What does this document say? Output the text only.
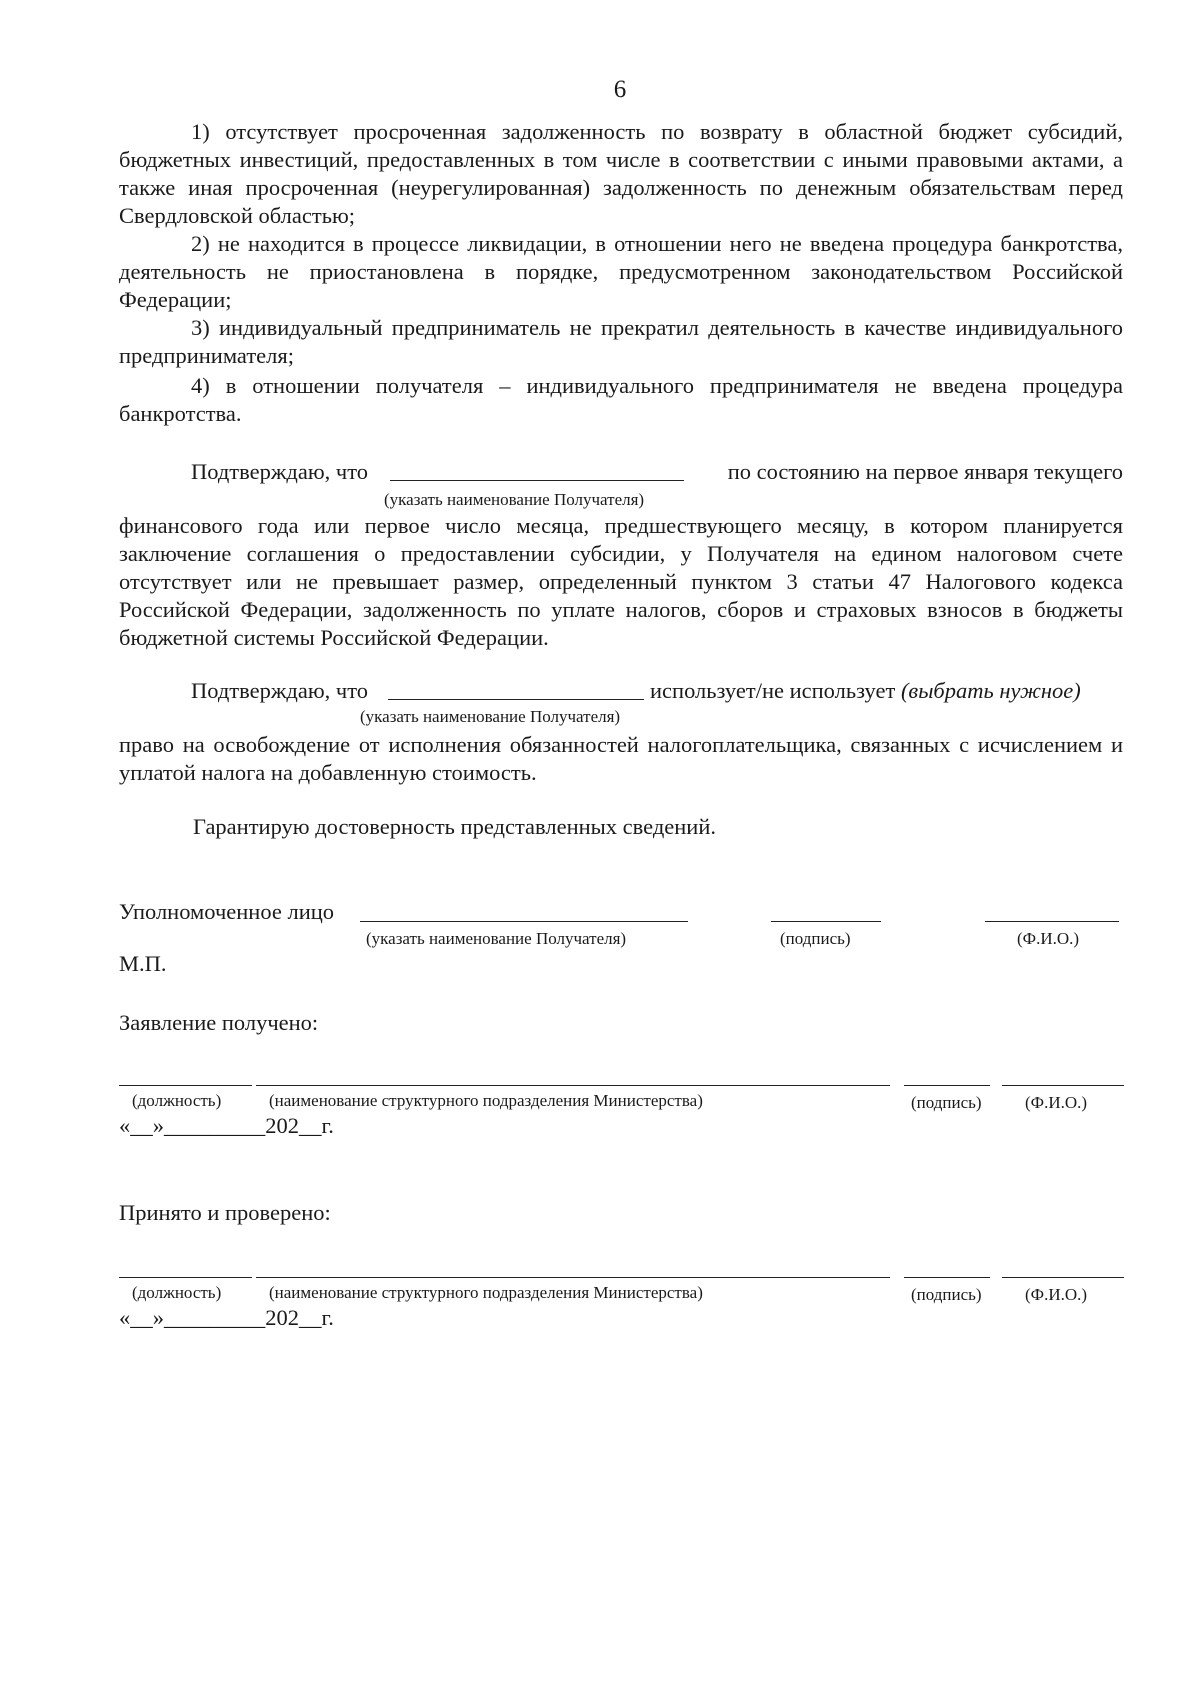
6
1) отсутствует просроченная задолженность по возврату в областной бюджет субсидий, бюджетных инвестиций, предоставленных в том числе в соответствии с иными правовыми актами, а также иная просроченная (неурегулированная) задолженность по денежным обязательствам перед Свердловской областью;
2) не находится в процессе ликвидации, в отношении него не введена процедура банкротства, деятельность не приостановлена в порядке, предусмотренном законодательством Российской Федерации;
3) индивидуальный предприниматель не прекратил деятельность в качестве индивидуального предпринимателя;
4) в отношении получателя – индивидуального предпринимателя не введена процедура банкротства.
Подтверждаю, что	по состоянию на первое января текущего
(указать наименование Получателя)
финансового года или первое число месяца, предшествующего месяцу, в котором планируется заключение соглашения о предоставлении субсидии, у Получателя на едином налоговом счете отсутствует или не превышает размер, определенный пунктом 3 статьи 47 Налогового кодекса Российской Федерации, задолженность по уплате налогов, сборов и страховых взносов в бюджеты бюджетной системы Российской Федерации.
Подтверждаю, что	использует/не использует (выбрать нужное)
(указать наименование Получателя)
право на освобождение от исполнения обязанностей налогоплательщика, связанных с исчислением и уплатой налога на добавленную стоимость.
Гарантирую достоверность представленных сведений.
Уполномоченное лицо
(указать наименование Получателя)	(подпись)	(Ф.И.О.)
М.П.
Заявление получено:
(должность)	(наименование структурного подразделения Министерства)	(подпись)	(Ф.И.О.)
«__»_________202__г.
Принято и проверено:
(должность)	(наименование структурного подразделения Министерства)	(подпись)	(Ф.И.О.)
«__»_________202__г.
